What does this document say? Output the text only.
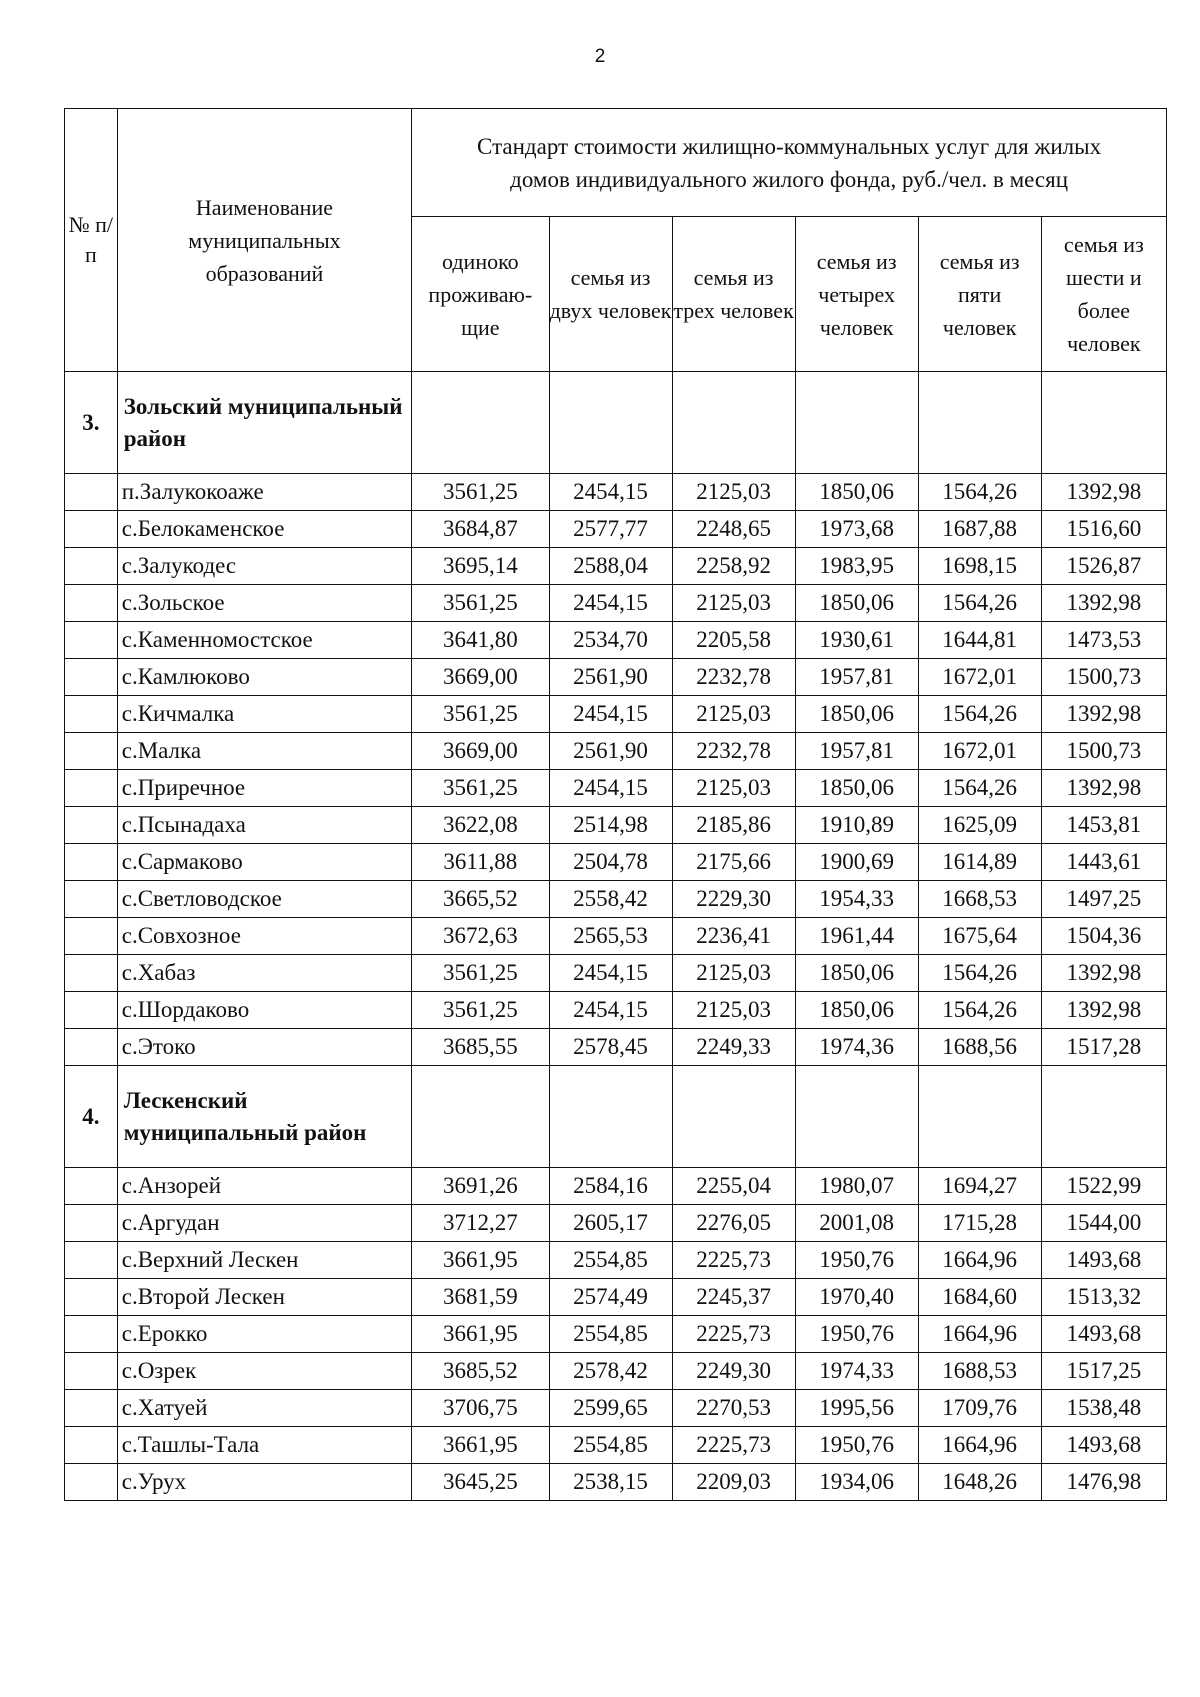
2
№ п/п	Наименование муниципальных образований	Стандарт стоимости жилищно-коммунальных услуг для жилых домов индивидуального жилого фонда, руб./чел. в месяц					
		одиноко проживаю-щие	семья из двух человек	семья из трех человек	семья из четырех человек	семья из пяти человек	семья из шести и более человек
3.	Зольский муниципальный район						
	п.Залукокоаже	3561,25	2454,15	2125,03	1850,06	1564,26	1392,98
	с.Белокаменское	3684,87	2577,77	2248,65	1973,68	1687,88	1516,60
	с.Залукодес	3695,14	2588,04	2258,92	1983,95	1698,15	1526,87
	с.Зольское	3561,25	2454,15	2125,03	1850,06	1564,26	1392,98
	с.Каменномостское	3641,80	2534,70	2205,58	1930,61	1644,81	1473,53
	с.Камлюково	3669,00	2561,90	2232,78	1957,81	1672,01	1500,73
	с.Кичмалка	3561,25	2454,15	2125,03	1850,06	1564,26	1392,98
	с.Малка	3669,00	2561,90	2232,78	1957,81	1672,01	1500,73
	с.Приречное	3561,25	2454,15	2125,03	1850,06	1564,26	1392,98
	с.Псынадаха	3622,08	2514,98	2185,86	1910,89	1625,09	1453,81
	с.Сармаково	3611,88	2504,78	2175,66	1900,69	1614,89	1443,61
	с.Светловодское	3665,52	2558,42	2229,30	1954,33	1668,53	1497,25
	с.Совхозное	3672,63	2565,53	2236,41	1961,44	1675,64	1504,36
	с.Хабаз	3561,25	2454,15	2125,03	1850,06	1564,26	1392,98
	с.Шордаково	3561,25	2454,15	2125,03	1850,06	1564,26	1392,98
	с.Этоко	3685,55	2578,45	2249,33	1974,36	1688,56	1517,28
4.	Лескенский муниципальный район						
	с.Анзорей	3691,26	2584,16	2255,04	1980,07	1694,27	1522,99
	с.Аргудан	3712,27	2605,17	2276,05	2001,08	1715,28	1544,00
	с.Верхний Лескен	3661,95	2554,85	2225,73	1950,76	1664,96	1493,68
	с.Второй Лескен	3681,59	2574,49	2245,37	1970,40	1684,60	1513,32
	с.Ерокко	3661,95	2554,85	2225,73	1950,76	1664,96	1493,68
	с.Озрек	3685,52	2578,42	2249,30	1974,33	1688,53	1517,25
	с.Хатуей	3706,75	2599,65	2270,53	1995,56	1709,76	1538,48
	с.Ташлы-Тала	3661,95	2554,85	2225,73	1950,76	1664,96	1493,68
	с.Урух	3645,25	2538,15	2209,03	1934,06	1648,26	1476,98
